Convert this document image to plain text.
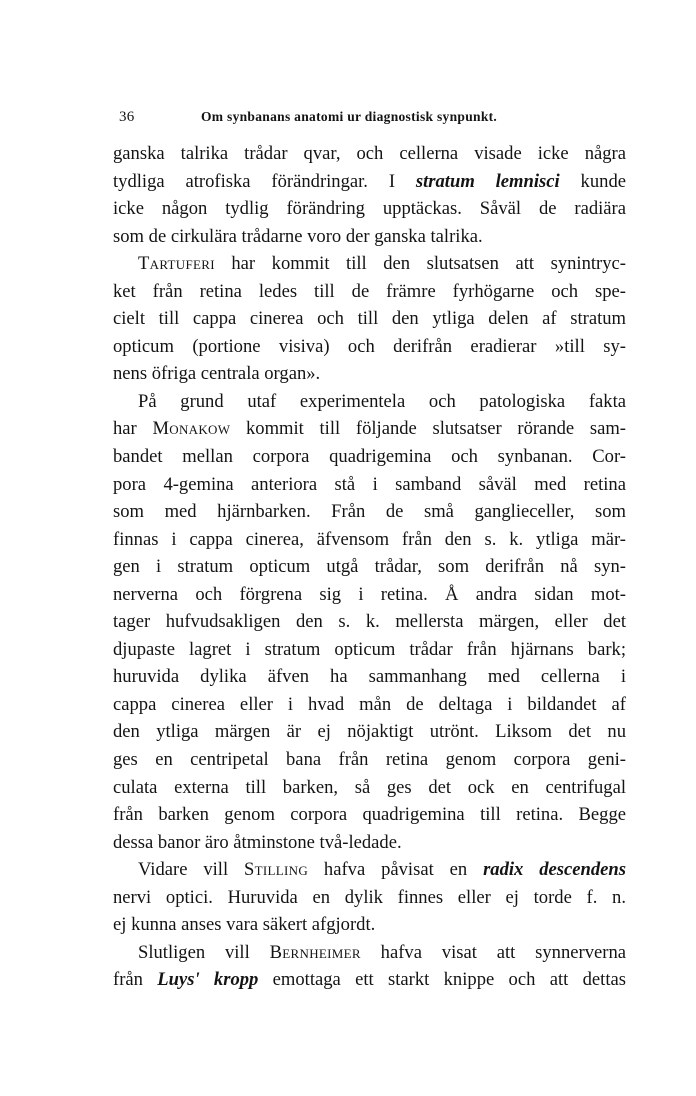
36	Om synbanans anatomi ur diagnostisk synpunkt.
ganska talrika trådar qvar, och cellerna visade icke några
tydliga atrofiska förändringar. I stratum lemnisci kunde
icke någon tydlig förändring upptäckas. Såväl de radiära
som de cirkulära trådarne voro der ganska talrika.
Tartuferi har kommit till den slutsatsen att synintryc-
ket från retina ledes till de främre fyrhögarne och spe-
cielt till cappa cinerea och till den ytliga delen af stratum
opticum (portione visiva) och derifrån eradierar »till sy-
nens öfriga centrala organ».
På grund utaf experimentela och patologiska fakta
har Monakow kommit till följande slutsatser rörande sam-
bandet mellan corpora quadrigemina och synbanan. Cor-
pora 4-gemina anteriora stå i samband såväl med retina
som med hjärnbarken. Från de små ganglieceller, som
finnas i cappa cinerea, äfvensom från den s. k. ytliga mär-
gen i stratum opticum utgå trådar, som derifrån nå syn-
nerverna och förgrena sig i retina. Å andra sidan mot-
tager hufvudsakligen den s. k. mellersta märgen, eller det
djupaste lagret i stratum opticum trådar från hjärnans bark;
huruvida dylika äfven ha sammanhang med cellerna i
cappa cinerea eller i hvad mån de deltaga i bildandet af
den ytliga märgen är ej nöjaktigt utrönt. Liksom det nu
ges en centripetal bana från retina genom corpora geni-
culata externa till barken, så ges det ock en centrifugal
från barken genom corpora quadrigemina till retina. Begge
dessa banor äro åtminstone två-ledade.
Vidare vill Stilling hafva påvisat en radix descendens
nervi optici. Huruvida en dylik finnes eller ej torde f. n.
ej kunna anses vara säkert afgjordt.
Slutligen vill Bernheimer hafva visat att synnerverna
från Luys' kropp emottaga ett starkt knippe och att dettas
